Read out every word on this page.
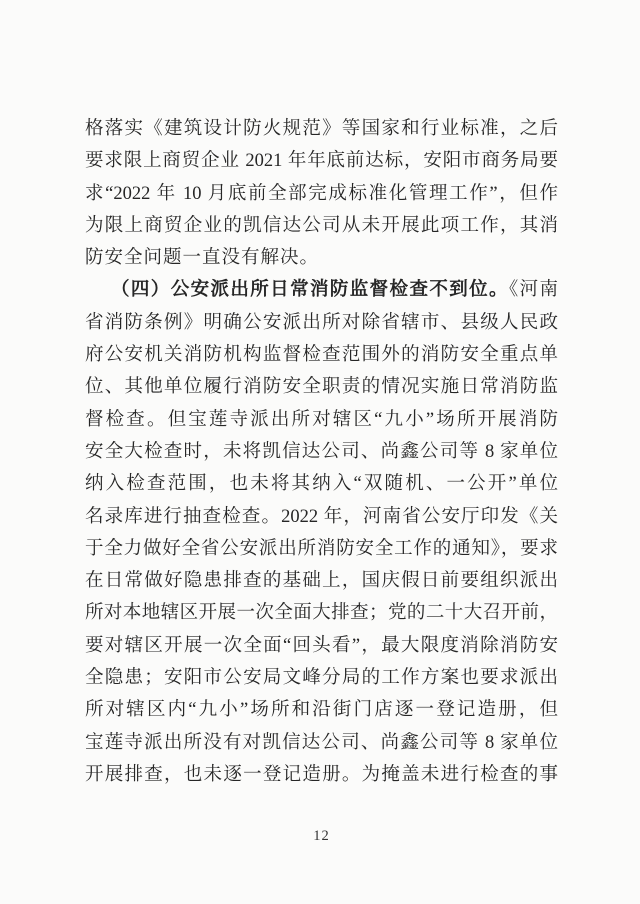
格落实《建筑设计防火规范》等国家和行业标准，之后
要求限上商贸企业 2021 年年底前达标，安阳市商务局要
求“2022 年 10 月底前全部完成标准化管理工作”，但作
为限上商贸企业的凯信达公司从未开展此项工作，其消
防安全问题一直没有解决。
（四）公安派出所日常消防监督检查不到位。《河南
省消防条例》明确公安派出所对除省辖市、县级人民政
府公安机关消防机构监督检查范围外的消防安全重点单
位、其他单位履行消防安全职责的情况实施日常消防监
督检查。但宝莲寺派出所对辖区“九小”场所开展消防
安全大检查时，未将凯信达公司、尚鑫公司等 8 家单位
纳入检查范围，也未将其纳入“双随机、一公开”单位
名录库进行抽查检查。2022 年，河南省公安厅印发《关
于全力做好全省公安派出所消防安全工作的通知》，要求
在日常做好隐患排查的基础上，国庆假日前要组织派出
所对本地辖区开展一次全面大排查；党的二十大召开前，
要对辖区开展一次全面“回头看”，最大限度消除消防安
全隐患；安阳市公安局文峰分局的工作方案也要求派出
所对辖区内“九小”场所和沿街门店逐一登记造册，但
宝莲寺派出所没有对凯信达公司、尚鑫公司等 8 家单位
开展排查，也未逐一登记造册。为掩盖未进行检查的事
12
